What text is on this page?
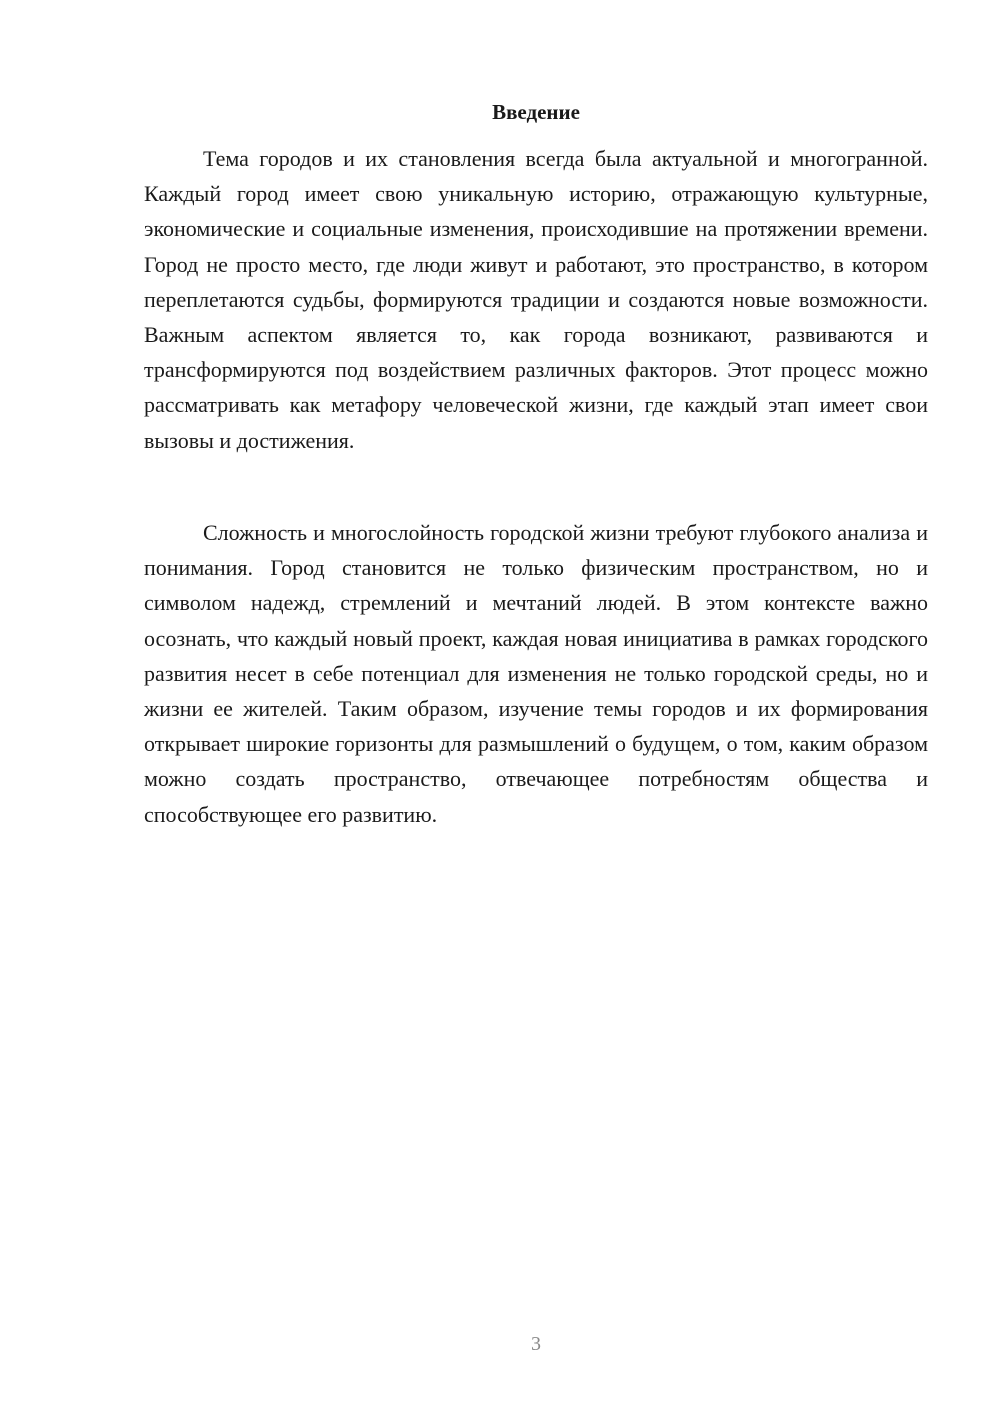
Введение

Тема городов и их становления всегда была актуальной и многогранной. Каждый город имеет свою уникальную историю, отражающую культурные, экономические и социальные изменения, происходившие на протяжении времени. Город не просто место, где люди живут и работают, это пространство, в котором переплетаются судьбы, формируются традиции и создаются новые возможности. Важным аспектом является то, как города возникают, развиваются и трансформируются под воздействием различных факторов. Этот процесс можно рассматривать как метафору человеческой жизни, где каждый этап имеет свои вызовы и достижения.

Сложность и многослойность городской жизни требуют глубокого анализа и понимания. Город становится не только физическим пространством, но и символом надежд, стремлений и мечтаний людей. В этом контексте важно осознать, что каждый новый проект, каждая новая инициатива в рамках городского развития несет в себе потенциал для изменения не только городской среды, но и жизни ее жителей. Таким образом, изучение темы городов и их формирования открывает широкие горизонты для размышлений о будущем, о том, каким образом можно создать пространство, отвечающее потребностям общества и способствующее его развитию.

3
